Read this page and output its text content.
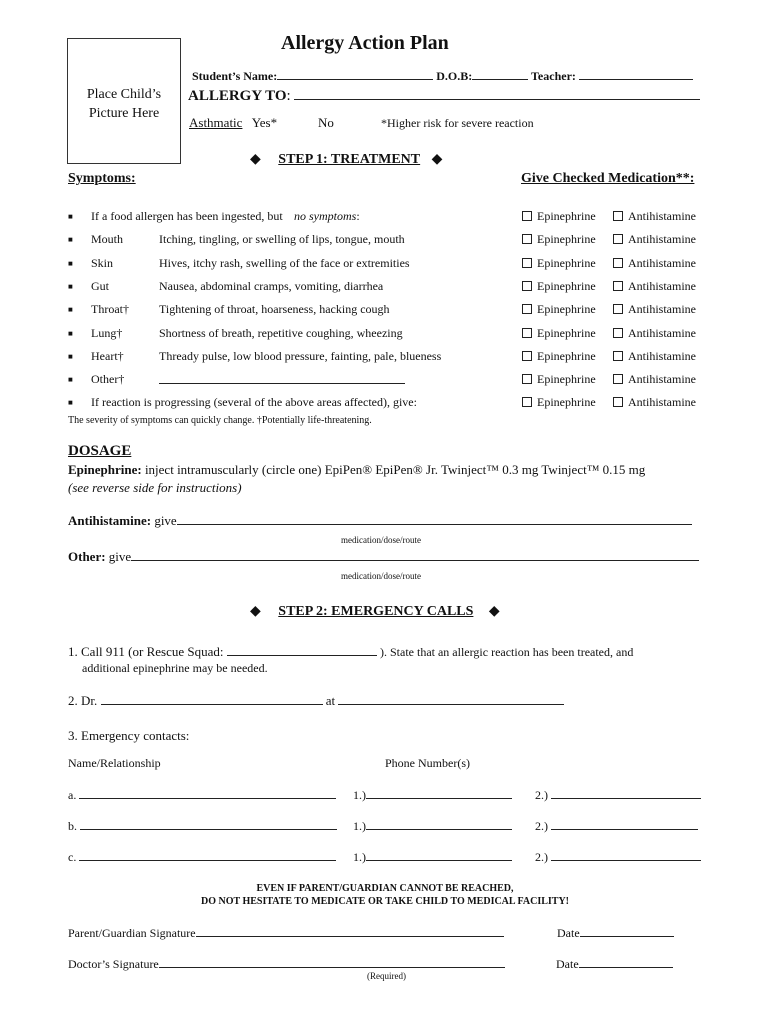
Place Child’s Picture Here
Allergy Action Plan
Student’s Name:	D.O.B:	Teacher:
ALLERGY TO:
Asthmatic Yes*	No	*Higher risk for severe reaction
◆ STEP 1: TREATMENT ◆
Symptoms:	Give Checked Medication**:
■ If a food allergen has been ingested, but no symptoms:	Epinephrine	Antihistamine
■ Mouth	Itching, tingling, or swelling of lips, tongue, mouth	Epinephrine	Antihistamine
■ Skin	Hives, itchy rash, swelling of the face or extremities	Epinephrine	Antihistamine
■ Gut	Nausea, abdominal cramps, vomiting, diarrhea	Epinephrine	Antihistamine
■ Throat†	Tightening of throat, hoarseness, hacking cough	Epinephrine	Antihistamine
■ Lung†	Shortness of breath, repetitive coughing, wheezing	Epinephrine	Antihistamine
■ Heart†	Thready pulse, low blood pressure, fainting, pale, blueness	Epinephrine	Antihistamine
■ Other†	Epinephrine	Antihistamine
■ If reaction is progressing (several of the above areas affected), give:	Epinephrine	Antihistamine
The severity of symptoms can quickly change. †Potentially life-threatening.
DOSAGE
Epinephrine: inject intramuscularly (circle one) EpiPen® EpiPen® Jr. Twinject™ 0.3 mg Twinject™ 0.15 mg
(see reverse side for instructions)
Antihistamine: give
medication/dose/route
Other: give
medication/dose/route
◆ STEP 2: EMERGENCY CALLS ◆
1. Call 911 (or Rescue Squad:	). State that an allergic reaction has been treated, and
additional epinephrine may be needed.
2. Dr.	at
3. Emergency contacts:
Name/Relationship	Phone Number(s)
a.	1.)	2.)
b.	1.)	2.)
c.	1.)	2.)
EVEN IF PARENT/GUARDIAN CANNOT BE REACHED,
DO NOT HESITATE TO MEDICATE OR TAKE CHILD TO MEDICAL FACILITY!
Parent/Guardian Signature	Date
Doctor’s Signature	Date
(Required)
